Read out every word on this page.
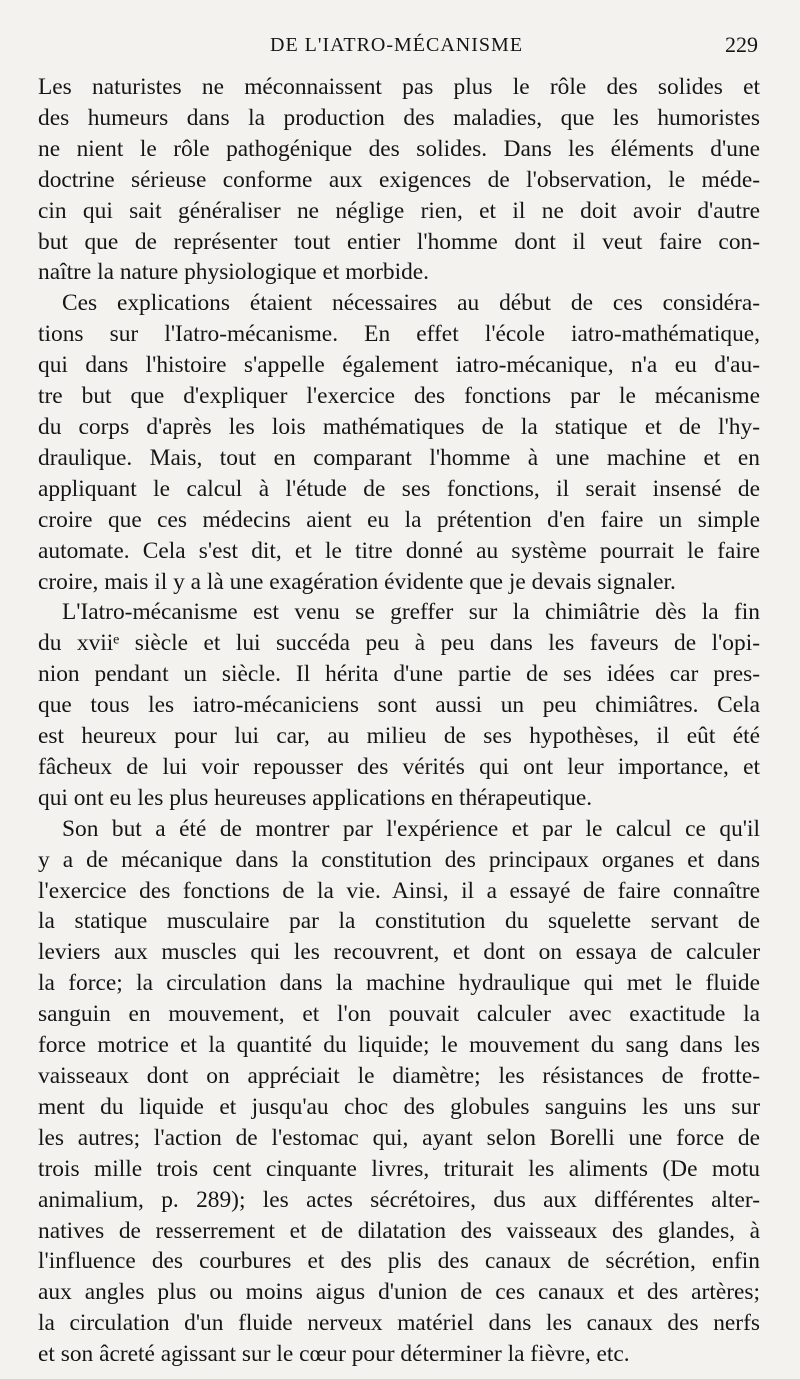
DE L'IATRO-MÉCANISME	229

Les naturistes ne méconnaissent pas plus le rôle des solides et
des humeurs dans la production des maladies, que les humoristes
ne nient le rôle pathogénique des solides. Dans les éléments d'une
doctrine sérieuse conforme aux exigences de l'observation, le méde-
cin qui sait généraliser ne néglige rien, et il ne doit avoir d'autre
but que de représenter tout entier l'homme dont il veut faire con-
naître la nature physiologique et morbide.

Ces explications étaient nécessaires au début de ces considéra-
tions sur l'Iatro-mécanisme. En effet l'école iatro-mathématique,
qui dans l'histoire s'appelle également iatro-mécanique, n'a eu d'au-
tre but que d'expliquer l'exercice des fonctions par le mécanisme
du corps d'après les lois mathématiques de la statique et de l'hy-
draulique. Mais, tout en comparant l'homme à une machine et en
appliquant le calcul à l'étude de ses fonctions, il serait insensé de
croire que ces médecins aient eu la prétention d'en faire un simple
automate. Cela s'est dit, et le titre donné au système pourrait le faire
croire, mais il y a là une exagération évidente que je devais signaler.

L'Iatro-mécanisme est venu se greffer sur la chimiâtrie dès la fin
du xviiᵉ siècle et lui succéda peu à peu dans les faveurs de l'opi-
nion pendant un siècle. Il hérita d'une partie de ses idées car pres-
que tous les iatro-mécaniciens sont aussi un peu chimiâtres. Cela
est heureux pour lui car, au milieu de ses hypothèses, il eût été
fâcheux de lui voir repousser des vérités qui ont leur importance, et
qui ont eu les plus heureuses applications en thérapeutique.

Son but a été de montrer par l'expérience et par le calcul ce qu'il
y a de mécanique dans la constitution des principaux organes et dans
l'exercice des fonctions de la vie. Ainsi, il a essayé de faire connaître
la statique musculaire par la constitution du squelette servant de
leviers aux muscles qui les recouvrent, et dont on essaya de calculer
la force; la circulation dans la machine hydraulique qui met le fluide
sanguin en mouvement, et l'on pouvait calculer avec exactitude la
force motrice et la quantité du liquide; le mouvement du sang dans les
vaisseaux dont on appréciait le diamètre; les résistances de frotte-
ment du liquide et jusqu'au choc des globules sanguins les uns sur
les autres; l'action de l'estomac qui, ayant selon Borelli une force de
trois mille trois cent cinquante livres, triturait les aliments (De motu
animalium, p. 289); les actes sécrétoires, dus aux différentes alter-
natives de resserrement et de dilatation des vaisseaux des glandes, à
l'influence des courbures et des plis des canaux de sécrétion, enfin
aux angles plus ou moins aigus d'union de ces canaux et des artères;
la circulation d'un fluide nerveux matériel dans les canaux des nerfs
et son âcreté agissant sur le cœur pour déterminer la fièvre, etc.
